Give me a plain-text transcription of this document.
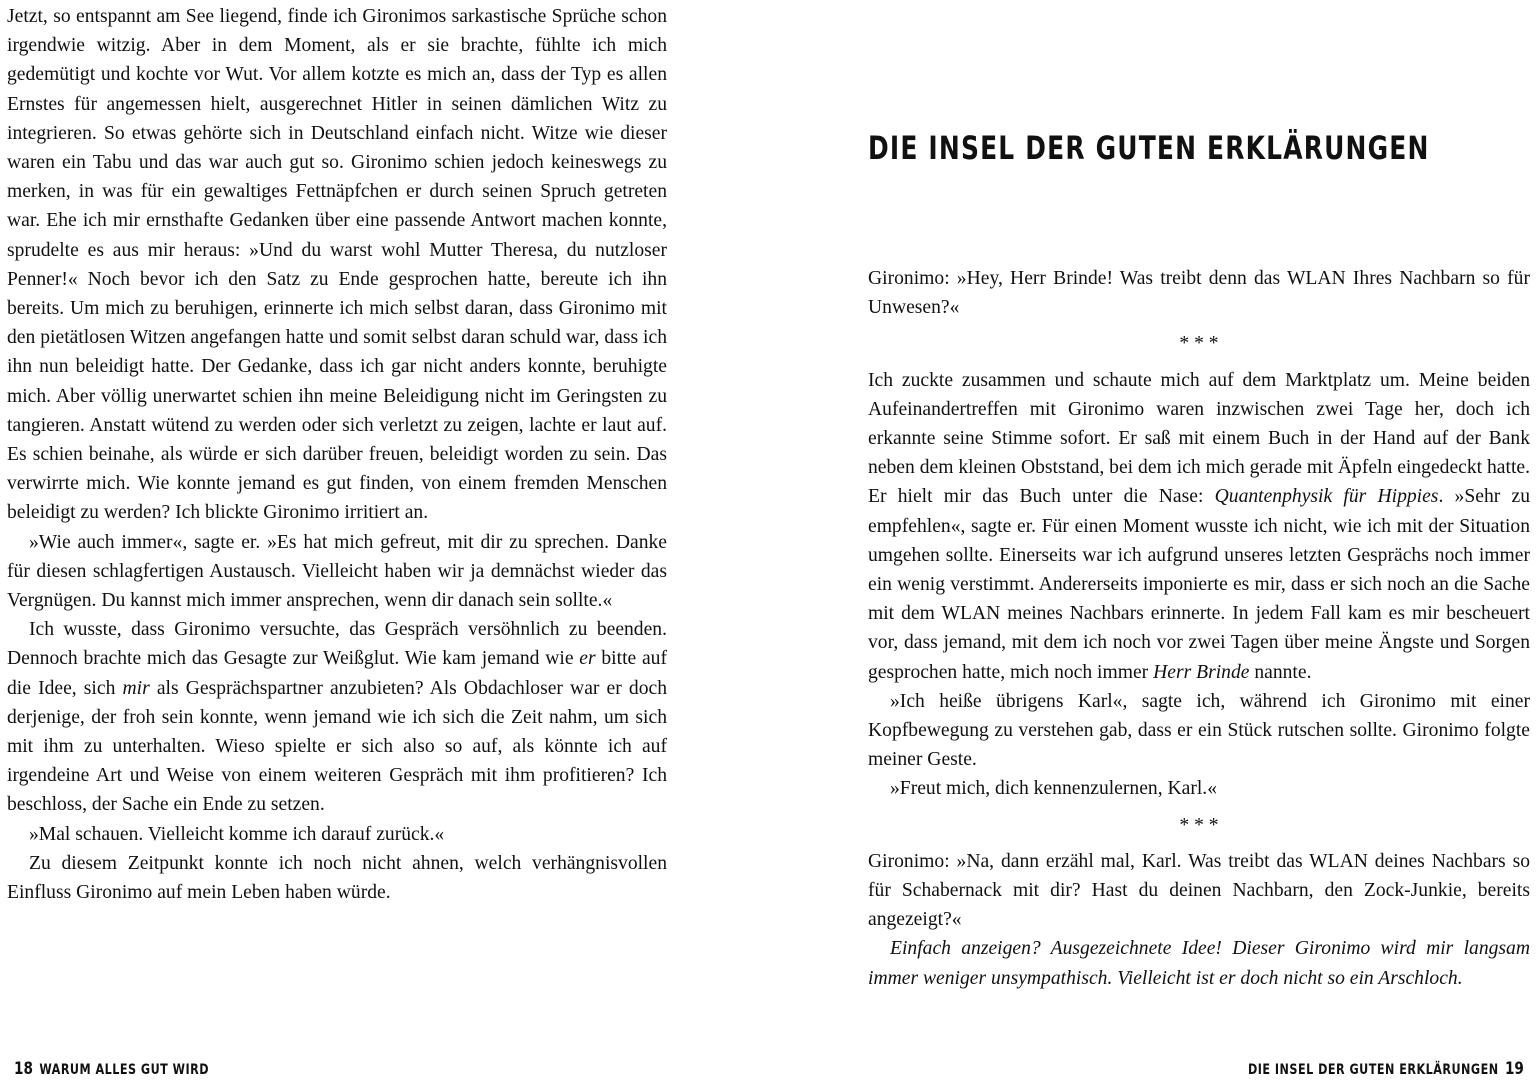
Jetzt, so entspannt am See liegend, finde ich Gironimos sarkastische Sprüche schon irgendwie witzig. Aber in dem Moment, als er sie brachte, fühlte ich mich gedemütigt und kochte vor Wut. Vor allem kotzte es mich an, dass der Typ es allen Ernstes für angemessen hielt, ausgerechnet Hitler in seinen dämlichen Witz zu integrieren. So etwas gehörte sich in Deutschland einfach nicht. Witze wie dieser waren ein Tabu und das war auch gut so. Gironimo schien jedoch keineswegs zu merken, in was für ein gewaltiges Fettnäpfchen er durch seinen Spruch getreten war. Ehe ich mir ernsthafte Gedanken über eine passende Antwort machen konnte, sprudelte es aus mir heraus: »Und du warst wohl Mutter Theresa, du nutzloser Penner!« Noch bevor ich den Satz zu Ende gesprochen hatte, bereute ich ihn bereits. Um mich zu beruhigen, erinnerte ich mich selbst daran, dass Gironimo mit den pietätlosen Witzen angefangen hatte und somit selbst daran schuld war, dass ich ihn nun beleidigt hatte. Der Gedanke, dass ich gar nicht anders konnte, beruhigte mich. Aber völlig unerwartet schien ihn meine Beleidigung nicht im Geringsten zu tangieren. Anstatt wütend zu werden oder sich verletzt zu zeigen, lachte er laut auf. Es schien beinahe, als würde er sich darüber freuen, beleidigt worden zu sein. Das verwirrte mich. Wie konnte jemand es gut finden, von einem fremden Menschen beleidigt zu werden? Ich blickte Gironimo irritiert an.

»Wie auch immer«, sagte er. »Es hat mich gefreut, mit dir zu sprechen. Danke für diesen schlagfertigen Austausch. Vielleicht haben wir ja demnächst wieder das Vergnügen. Du kannst mich immer ansprechen, wenn dir danach sein sollte.«

Ich wusste, dass Gironimo versuchte, das Gespräch versöhnlich zu beenden. Dennoch brachte mich das Gesagte zur Weißglut. Wie kam jemand wie er bitte auf die Idee, sich mir als Gesprächspartner anzubieten? Als Obdachloser war er doch derjenige, der froh sein konnte, wenn jemand wie ich sich die Zeit nahm, um sich mit ihm zu unterhalten. Wieso spielte er sich also so auf, als könnte ich auf irgendeine Art und Weise von einem weiteren Gespräch mit ihm profitieren? Ich beschloss, der Sache ein Ende zu setzen.

»Mal schauen. Vielleicht komme ich darauf zurück.«

Zu diesem Zeitpunkt konnte ich noch nicht ahnen, welch verhängnisvollen Einfluss Gironimo auf mein Leben haben würde.

18 WARUM ALLES GUT WIRD
DIE INSEL DER GUTEN ERKLÄRUNGEN

Gironimo: »Hey, Herr Brinde! Was treibt denn das WLAN Ihres Nachbarn so für Unwesen?«

* * *

Ich zuckte zusammen und schaute mich auf dem Marktplatz um. Meine beiden Aufeinandertreffen mit Gironimo waren inzwischen zwei Tage her, doch ich erkannte seine Stimme sofort. Er saß mit einem Buch in der Hand auf der Bank neben dem kleinen Obststand, bei dem ich mich gerade mit Äpfeln eingedeckt hatte. Er hielt mir das Buch unter die Nase: Quantenphysik für Hippies. »Sehr zu empfehlen«, sagte er. Für einen Moment wusste ich nicht, wie ich mit der Situation umgehen sollte. Einerseits war ich aufgrund unseres letzten Gesprächs noch immer ein wenig verstimmt. Andererseits imponierte es mir, dass er sich noch an die Sache mit dem WLAN meines Nachbars erinnerte. In jedem Fall kam es mir bescheuert vor, dass jemand, mit dem ich noch vor zwei Tagen über meine Ängste und Sorgen gesprochen hatte, mich noch immer Herr Brinde nannte.

»Ich heiße übrigens Karl«, sagte ich, während ich Gironimo mit einer Kopfbewegung zu verstehen gab, dass er ein Stück rutschen sollte. Gironimo folgte meiner Geste.

»Freut mich, dich kennenzulernen, Karl.«

* * *

Gironimo: »Na, dann erzähl mal, Karl. Was treibt das WLAN deines Nachbars so für Schabernack mit dir? Hast du deinen Nachbarn, den Zock-Junkie, bereits angezeigt?«

Einfach anzeigen? Ausgezeichnete Idee! Dieser Gironimo wird mir langsam immer weniger unsympathisch. Vielleicht ist er doch nicht so ein Arschloch.

DIE INSEL DER GUTEN ERKLÄRUNGEN 19
